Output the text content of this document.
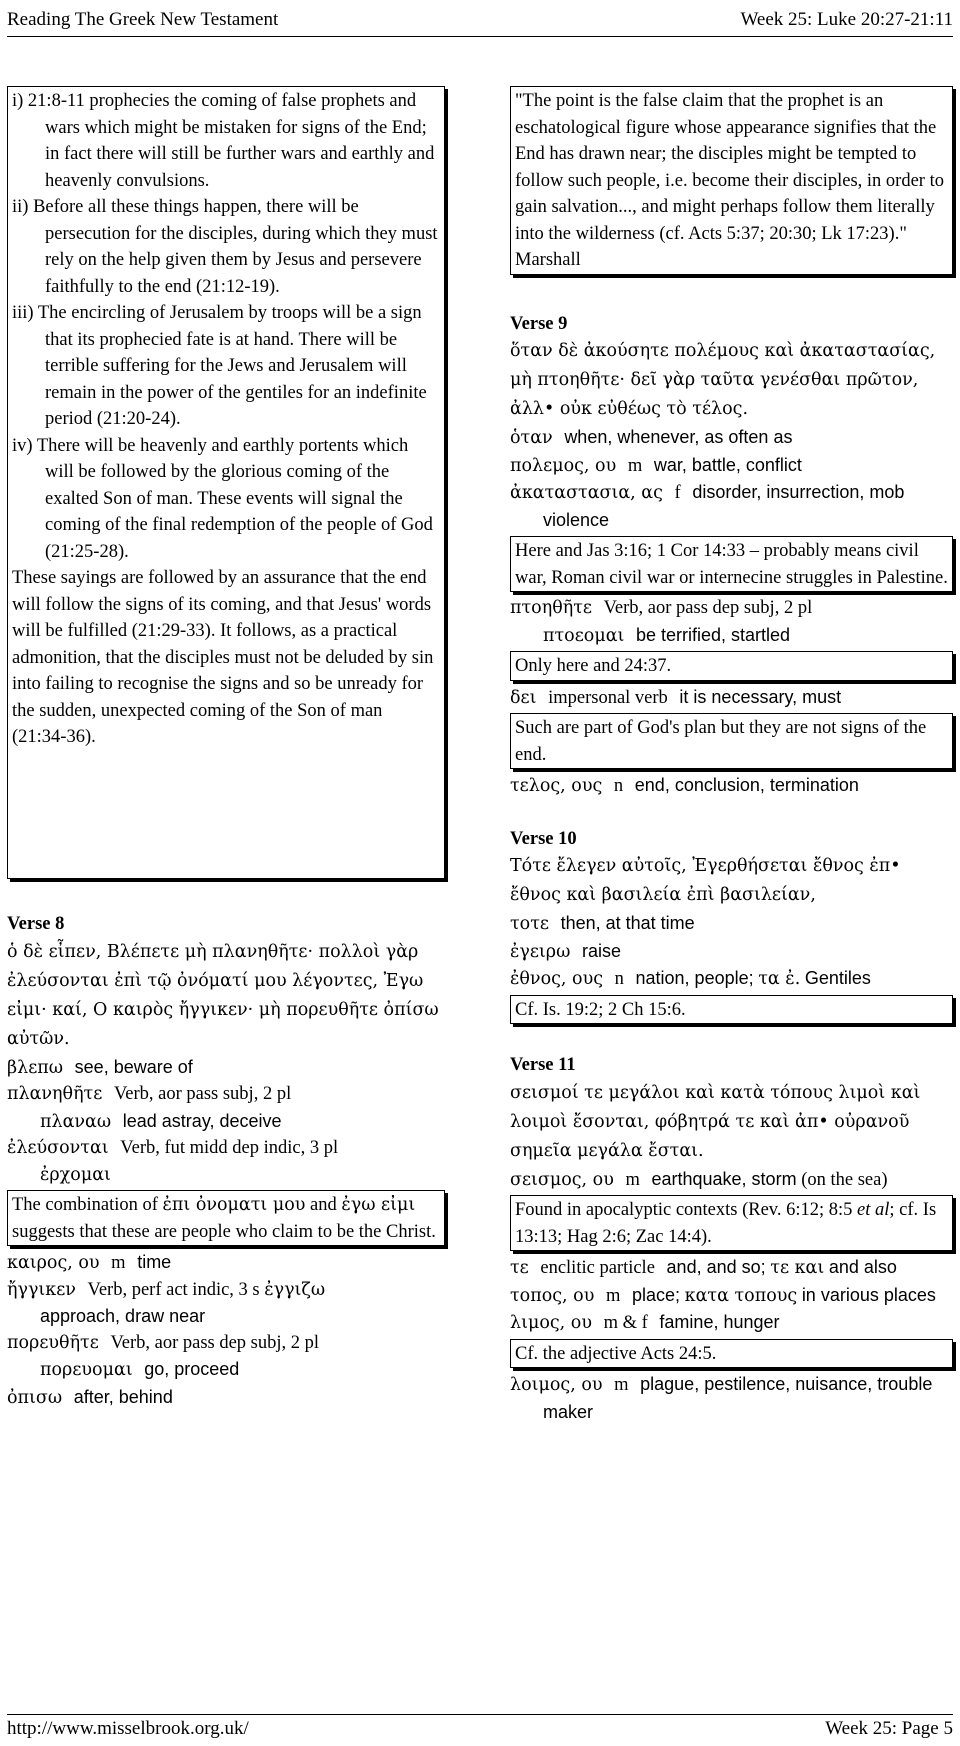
Reading The Greek New Testament	Week 25: Luke 20:27-21:11
i) 21:8-11 prophecies the coming of false prophets and wars which might be mistaken for signs of the End; in fact there will still be further wars and earthly and heavenly convulsions.
ii) Before all these things happen, there will be persecution for the disciples, during which they must rely on the help given them by Jesus and persevere faithfully to the end (21:12-19).
iii) The encircling of Jerusalem by troops will be a sign that its prophecied fate is at hand. There will be terrible suffering for the Jews and Jerusalem will remain in the power of the gentiles for an indefinite period (21:20-24).
iv) There will be heavenly and earthly portents which will be followed by the glorious coming of the exalted Son of man. These events will signal the coming of the final redemption of the people of God (21:25-28).
These sayings are followed by an assurance that the end will follow the signs of its coming, and that Jesus' words will be fulfilled (21:29-33). It follows, as a practical admonition, that the disciples must not be deluded by sin into failing to recognise the signs and so be unready for the sudden, unexpected coming of the Son of man (21:34-36).
Verse 8
ὁ δὲ εἶπεν, Βλέπετε μὴ πλανηθῆτε· πολλοὶ γὰρ ἐλεύσονται ἐπὶ τῷ ὀνόματί μου λέγοντες, Ἐγω εἰμι· καί, Ο καιρὸς ἤγγικεν· μὴ πορευθῆτε ὀπίσω αὐτῶν.
βλεπω see, beware of
πλανηθῆτε Verb, aor pass subj, 2 pl
πλαναω lead astray, deceive
ἐλεύσονται Verb, fut midd dep indic, 3 pl
ἐρχομαι
The combination of ἐπι ὀνοματι μου and ἐγω εἰμι suggests that these are people who claim to be the Christ.
καιρος, ου m time
ἤγγικεν Verb, perf act indic, 3 s ἐγγιζω
approach, draw near
πορευθῆτε Verb, aor pass dep subj, 2 pl
πορευομαι go, proceed
ὀπισω after, behind
"The point is the false claim that the prophet is an eschatological figure whose appearance signifies that the End has drawn near; the disciples might be tempted to follow such people, i.e. become their disciples, in order to gain salvation..., and might perhaps follow them literally into the wilderness (cf. Acts 5:37; 20:30; Lk 17:23)." Marshall
Verse 9
ὅταν δὲ ἀκούσητε πολέμους καὶ ἀκαταστασίας, μὴ πτοηθῆτε· δεῖ γὰρ ταῦτα γενέσθαι πρῶτον, ἀλλ• οὐκ εὐθέως τὸ τέλος.
ὁταν when, whenever, as often as
πολεμος, ου m war, battle, conflict
ἀκαταστασια, ας f disorder, insurrection, mob violence
Here and Jas 3:16; 1 Cor 14:33 – probably means civil war, Roman civil war or internecine struggles in Palestine.
πτοηθῆτε Verb, aor pass dep subj, 2 pl
πτοεομαι be terrified, startled
Only here and 24:37.
δει impersonal verb it is necessary, must
Such are part of God's plan but they are not signs of the end.
τελος, ους n end, conclusion, termination
Verse 10
Τότε ἔλεγεν αὐτοῖς, Ἐγερθήσεται ἔθνος ἐπ• ἔθνος καὶ βασιλεία ἐπὶ βασιλείαν,
τοτε then, at that time
ἐγειρω raise
ἐθνος, ους n nation, people; τα ἐ. Gentiles
Cf. Is. 19:2; 2 Ch 15:6.
Verse 11
σεισμοί τε μεγάλοι καὶ κατὰ τόπους λιμοὶ καὶ λοιμοὶ ἔσονται, φόβητρά τε καὶ ἀπ• οὐρανοῦ σημεῖα μεγάλα ἔσται.
σεισμος, ου m earthquake, storm (on the sea)
Found in apocalyptic contexts (Rev. 6:12; 8:5 et al; cf. Is 13:13; Hag 2:6; Zac 14:4).
τε enclitic particle and, and so; τε και and also
τοπος, ου m place; κατα τοπους in various places
λιμος, ου m & f famine, hunger
Cf. the adjective Acts 24:5.
λοιμος, ου m plague, pestilence, nuisance, trouble maker
http://www.misselbrook.org.uk/	Week 25: Page 5
